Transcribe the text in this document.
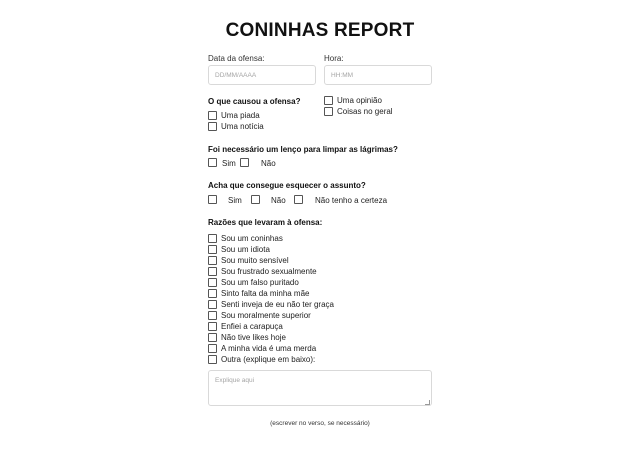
CONINHAS REPORT
Data da ofensa:
DD/MM/AAAA	Hora:
HH:MM
O que causou a ofensa?
Uma piada
Uma notícia
Uma opinião
Coisas no geral
Foi necessário um lenço para limpar as lágrimas?
Sim	Não
Acha que consegue esquecer o assunto?
Sim	Não	Não tenho a certeza
Razões que levaram à ofensa:
Sou um coninhas
Sou um idiota
Sou muito sensível
Sou frustrado sexualmente
Sou um falso puritado
Sinto falta da minha mãe
Senti inveja de eu não ter graça
Sou moralmente superior
Enfiei a carapuça
Não tive likes hoje
A minha vida é uma merda
Outra (explique em baixo):
Explique aqui
(escrever no verso, se necessário)
